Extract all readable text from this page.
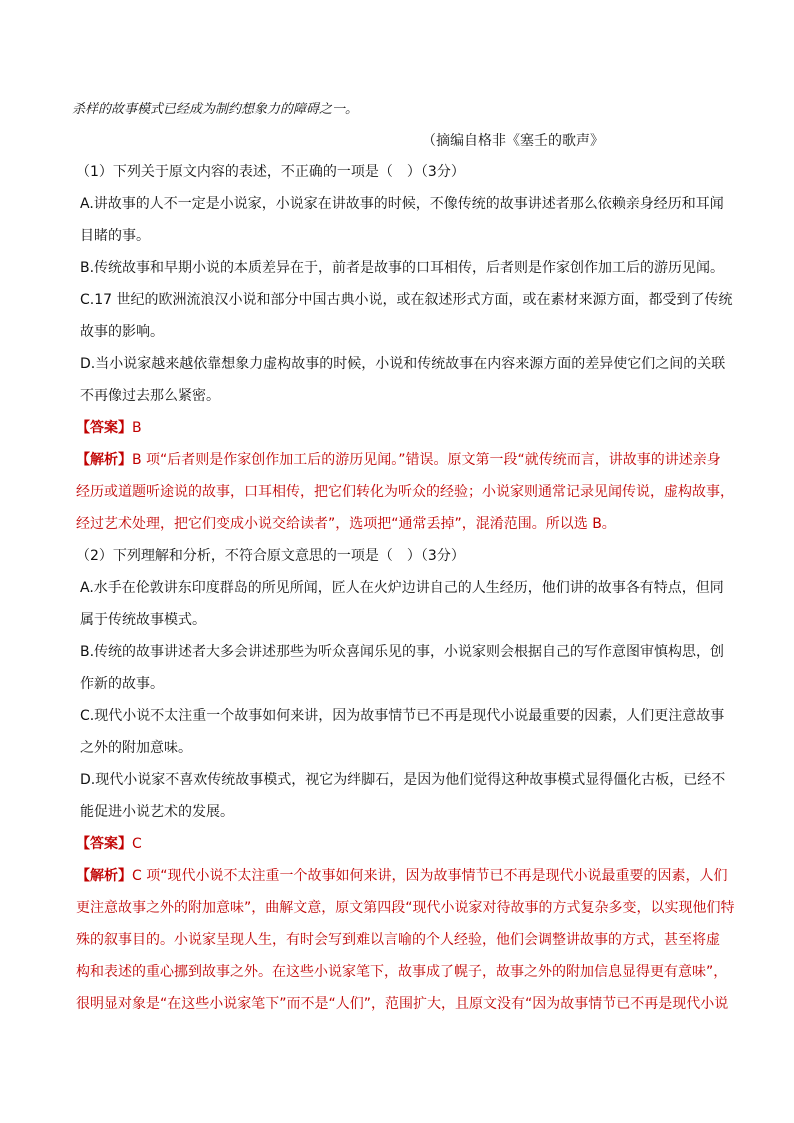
杀样的故事模式已经成为制约想象力的障碍之一。
（摘编自格非《塞壬的歌声》
（1）下列关于原文内容的表述，不正确的一项是（　）（3分）
A.讲故事的人不一定是小说家，小说家在讲故事的时候，不像传统的故事讲述者那么依赖亲身经历和耳闻
目睹的事。
B.传统故事和早期小说的本质差异在于，前者是故事的口耳相传，后者则是作家创作加工后的游历见闻。
C.17 世纪的欧洲流浪汉小说和部分中国古典小说，或在叙述形式方面，或在素材来源方面，都受到了传统
故事的影响。
D.当小说家越来越依靠想象力虚构故事的时候，小说和传统故事在内容来源方面的差异使它们之间的关联
不再像过去那么紧密。
【答案】B
【解析】B 项“后者则是作家创作加工后的游历见闻。”错误。原文第一段“就传统而言，讲故事的讲述亲身
经历或道题听途说的故事，口耳相传，把它们转化为听众的经验；小说家则通常记录见闻传说，虚构故事，
经过艺术处理，把它们变成小说交给读者”，选项把“通常丢掉”，混淆范围。所以选 B。
（2）下列理解和分析，不符合原文意思的一项是（　）（3分）
A.水手在伦敦讲东印度群岛的所见所闻，匠人在火炉边讲自己的人生经历，他们讲的故事各有特点，但同
属于传统故事模式。
B.传统的故事讲述者大多会讲述那些为听众喜闻乐见的事，小说家则会根据自己的写作意图审慎构思，创
作新的故事。
C.现代小说不太注重一个故事如何来讲，因为故事情节已不再是现代小说最重要的因素，人们更注意故事
之外的附加意味。
D.现代小说家不喜欢传统故事模式，视它为绊脚石，是因为他们觉得这种故事模式显得僵化古板，已经不
能促进小说艺术的发展。
【答案】C
【解析】C 项“现代小说不太注重一个故事如何来讲，因为故事情节已不再是现代小说最重要的因素，人们
更注意故事之外的附加意味”，曲解文意，原文第四段“现代小说家对待故事的方式复杂多变，以实现他们特
殊的叙事目的。小说家呈现人生，有时会写到难以言喻的个人经验，他们会调整讲故事的方式，甚至将虚
构和表述的重心挪到故事之外。在这些小说家笔下，故事成了幌子，故事之外的附加信息显得更有意味”，
很明显对象是“在这些小说家笔下”而不是“人们”，范围扩大，且原文没有“因为故事情节已不再是现代小说
